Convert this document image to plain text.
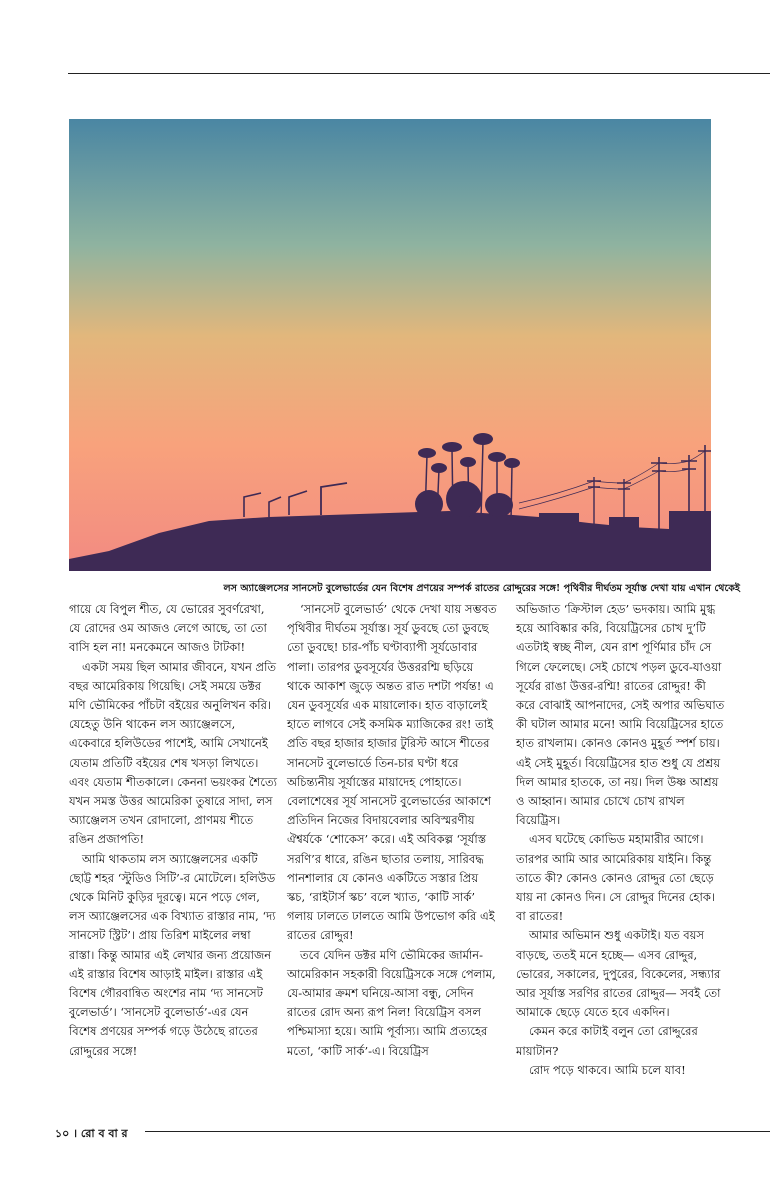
লস অ্যাঞ্জেলসের সানসেট বুলেভার্ডের যেন বিশেষ প্রণয়ের সম্পর্ক রাতের রোদ্দুরের সঙ্গে! পৃথিবীর দীর্ঘতম সূর্যাস্ত দেখা যায় এখান থেকেই

গায়ে যে বিপুল শীত, যে ভোরের সুবর্ণরেখা, যে রোদের ওম আজও লেগে আছে, তা তো বাসি হল না! মনকেমনে আজও টাটকা!

একটা সময় ছিল আমার জীবনে, যখন প্রতি বছর আমেরিকায় গিয়েছি। সেই সময়ে ডক্টর মণি ভৌমিকের পাঁচটা বইয়ের অনুলিখন করি। যেহেতু উনি থাকেন লস অ্যাঞ্জেলসে, একেবারে হলিউডের পাশেই, আমি সেখানেই যেতাম প্রতিটি বইয়ের শেষ খসড়া লিখতে। এবং যেতাম শীতকালে। কেননা ভয়ংকর শৈত্যে যখন সমস্ত উত্তর আমেরিকা তুষারে সাদা, লস অ্যাঞ্জেলস তখন রোদালো, প্রাণময় শীতে রঙিন প্রজাপতি!

আমি থাকতাম লস অ্যাঞ্জেলসের একটি ছোট্ট শহর ‘স্টুডিও সিটি’-র মোটেলে। হলিউড থেকে মিনিট কুড়ির দূরত্বে। মনে পড়ে গেল, লস অ্যাঞ্জেলসের এক বিখ্যাত রাস্তার নাম, ‘দ্য সানসেট স্ট্রিট’। প্রায় তিরিশ মাইলের লম্বা রাস্তা। কিন্তু আমার এই লেখার জন্য প্রয়োজন এই রাস্তার বিশেষ আড়াই মাইল। রাস্তার এই বিশেষ গৌরবান্বিত অংশের নাম ‘দ্য সানসেট বুলেভার্ড’। ‘সানসেট বুলেভার্ড’-এর যেন বিশেষ প্রণয়ের সম্পর্ক গড়ে উঠেছে রাতের রোদ্দুরের সঙ্গে!

‘সানসেট বুলেভার্ড’ থেকে দেখা যায় সম্ভবত পৃথিবীর দীর্ঘতম সূর্যাস্ত। সূর্য ডুবছে তো ডুবছে তো ডুবছে! চার-পাঁচ ঘণ্টাব্যাপী সূর্যডোবার পালা। তারপর ডুবসূর্যের উত্তররশ্মি ছড়িয়ে থাকে আকাশ জুড়ে অন্তত রাত দশটা পর্যন্ত! এ যেন ডুবসূর্যের এক মায়ালোক। হাত বাড়ালেই হাতে লাগবে সেই কসমিক ম্যাজিকের রং! তাই প্রতি বছর হাজার হাজার টুরিস্ট আসে শীতের সানসেট বুলেভার্ডে তিন-চার ঘণ্টা ধরে অচিন্ত্যনীয় সূর্যাস্তের মায়াদেহ পোহাতে। বেলাশেষের সূর্য সানসেট বুলেভার্ডের আকাশে প্রতিদিন নিজের বিদায়বেলার অবিস্মরণীয় ঐশ্বর্যকে ‘শোকেস’ করে। এই অবিকল্প ‘সূর্যাস্ত সরণি’র ধারে, রঙিন ছাতার তলায়, সারিবদ্ধ পানশালার যে কোনও একটিতে সস্তার প্রিয় স্কচ, ‘রাইটার্স স্কচ’ বলে খ্যাত, ‘কাটি সার্ক’ গলায় ঢালতে ঢালতে আমি উপভোগ করি এই রাতের রোদ্দুর!

তবে যেদিন ডক্টর মণি ভৌমিকের জার্মান-আমেরিকান সহকারী বিয়েট্রিসকে সঙ্গে পেলাম, যে-আমার ক্রমশ ঘনিয়ে-আসা বন্ধু, সেদিন রাতের রোদ অন্য রূপ নিল! বিয়েট্রিস বসল পশ্চিমাস্যা হয়ে। আমি পূর্বাস্য। আমি প্রত্যহের মতো, ‘কাটি সার্ক’-এ। বিয়েট্রিস

অভিজাত ‘ক্রিস্টাল হেড’ ভদকায়। আমি মুগ্ধ হয়ে আবিষ্কার করি, বিয়েট্রিসের চোখ দু’টি এতটাই স্বচ্ছ নীল, যেন রাশ পূর্ণিমার চাঁদ সে গিলে ফেলেছে। সেই চোখে পড়ল ডুবে-যাওয়া সূর্যের রাঙা উত্তর-রশ্মি! রাতের রোদ্দুর! কী করে বোঝাই আপনাদের, সেই অপার অভিঘাত কী ঘটাল আমার মনে! আমি বিয়েট্রিসের হাতে হাত রাখলাম। কোনও কোনও মুহূর্ত স্পর্শ চায়। এই সেই মুহূর্ত। বিয়েট্রিসের হাত শুধু যে প্রশ্রয় দিল আমার হাতকে, তা নয়। দিল উষ্ণ আশ্রয় ও আহ্বান। আমার চোখে চোখ রাখল বিয়েট্রিস।

এসব ঘটেছে কোভিড মহামারীর আগে। তারপর আমি আর আমেরিকায় যাইনি। কিন্তু তাতে কী? কোনও কোনও রোদ্দুর তো ছেড়ে যায় না কোনও দিন। সে রোদ্দুর দিনের হোক। বা রাতের!

আমার অভিমান শুধু একটাই। যত বয়স বাড়ছে, ততই মনে হচ্ছে— এসব রোদ্দুর, ভোরের, সকালের, দুপুরের, বিকেলের, সন্ধ্যার আর সূর্যাস্ত সরণির রাতের রোদ্দুর— সবই তো আমাকে ছেড়ে যেতে হবে একদিন।

কেমন করে কাটাই বলুন তো রোদ্দুরের মায়াটান?

রোদ পড়ে থাকবে। আমি চলে যাব!

১০ । রো ব বা র
